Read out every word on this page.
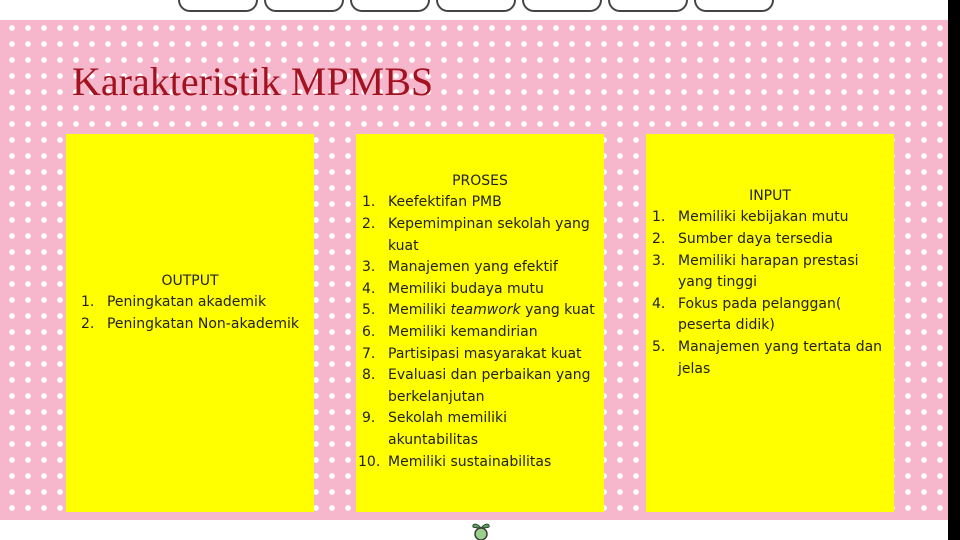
Karakteristik MPMBS
OUTPUT
1. Peningkatan akademik
2. Peningkatan Non-akademik
PROSES
1. Keefektifan PMB
2. Kepemimpinan sekolah yang kuat
3. Manajemen yang efektif
4. Memiliki budaya mutu
5. Memiliki teamwork yang kuat
6. Memiliki kemandirian
7. Partisipasi masyarakat kuat
8. Evaluasi dan perbaikan yang berkelanjutan
9. Sekolah memiliki akuntabilitas
10. Memiliki sustainabilitas
INPUT
1. Memiliki kebijakan mutu
2. Sumber daya tersedia
3. Memiliki harapan prestasi yang tinggi
4. Fokus pada pelanggan( peserta didik)
5. Manajemen yang tertata dan jelas
